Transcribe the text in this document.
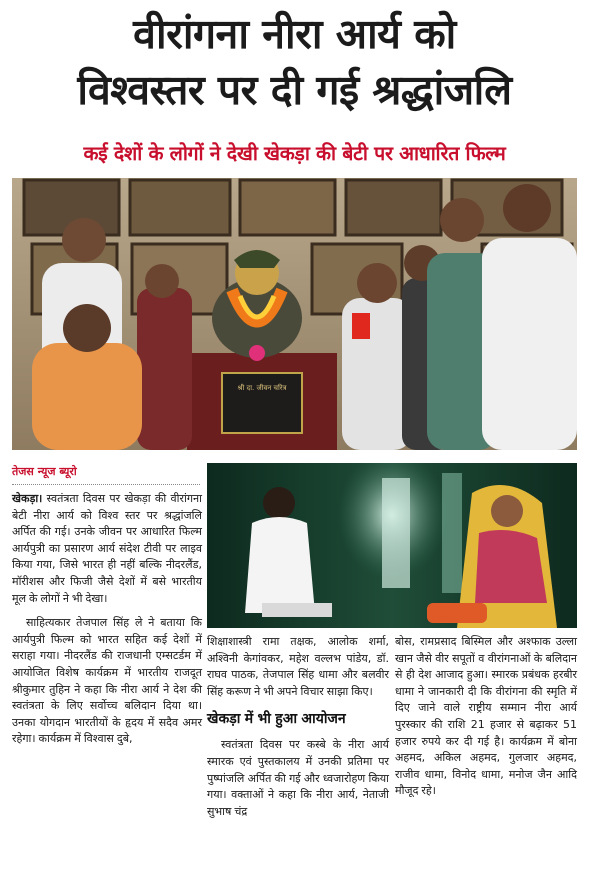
वीरांगना नीरा आर्य को
विश्वस्तर पर दी गई श्रद्धांजलि
कई देशों के लोगों ने देखी खेकड़ा की बेटी पर आधारित फिल्म
श्री दा. जीवन चरित्र
तेजस न्यूज ब्यूरो

खेकड़ा। स्वतंत्रता दिवस पर खेकड़ा की वीरांगना बेटी नीरा आर्य को विश्व स्तर पर श्रद्धांजलि अर्पित की गई। उनके जीवन पर आधारित फिल्म आर्यपुत्री का प्रसारण आर्य संदेश टीवी पर लाइव किया गया, जिसे भारत ही नहीं बल्कि नीदरलैंड, मॉरीशस और फिजी जैसे देशों में बसे भारतीय मूल के लोगों ने भी देखा।

साहित्यकार तेजपाल सिंह ले ने बताया कि आर्यपुत्री फिल्म को भारत सहित कई देशों में सराहा गया। नीदरलैंड की राजधानी एम्सटर्डम में आयोजित विशेष कार्यक्रम में भारतीय राजदूत श्रीकुमार तुहिन ने कहा कि नीरा आर्य ने देश की स्वतंत्रता के लिए सर्वोच्च बलिदान दिया था। उनका योगदान भारतीयों के हृदय में सदैव अमर रहेगा। कार्यक्रम में विश्वास दुबे,

शिक्षाशास्त्री रामा तक्षक, आलोक शर्मा, अश्विनी केगांवकर, महेश वल्लभ पांडेय, डॉ. राघव पाठक, तेजपाल सिंह धामा और बलवीर सिंह करूण ने भी अपने विचार साझा किए।

खेकड़ा में भी हुआ आयोजन

स्वतंत्रता दिवस पर कस्बे के नीरा आर्य स्मारक एवं पुस्तकालय में उनकी प्रतिमा पर पुष्पांजलि अर्पित की गई और ध्वजारोहण किया गया। वक्ताओं ने कहा कि नीरा आर्य, नेताजी सुभाष चंद्र

बोस, रामप्रसाद बिस्मिल और अश्फाक उल्ला खान जैसे वीर सपूतों व वीरांगनाओं के बलिदान से ही देश आजाद हुआ। स्मारक प्रबंधक हरबीर धामा ने जानकारी दी कि वीरांगना की स्मृति में दिए जाने वाले राष्ट्रीय सम्मान नीरा आर्य पुरस्कार की राशि 21 हजार से बढ़ाकर 51 हजार रुपये कर दी गई है। कार्यक्रम में बोना अहमद, अकिल अहमद, गुलजार अहमद, राजीव धामा, विनोद धामा, मनोज जैन आदि मौजूद रहे।
